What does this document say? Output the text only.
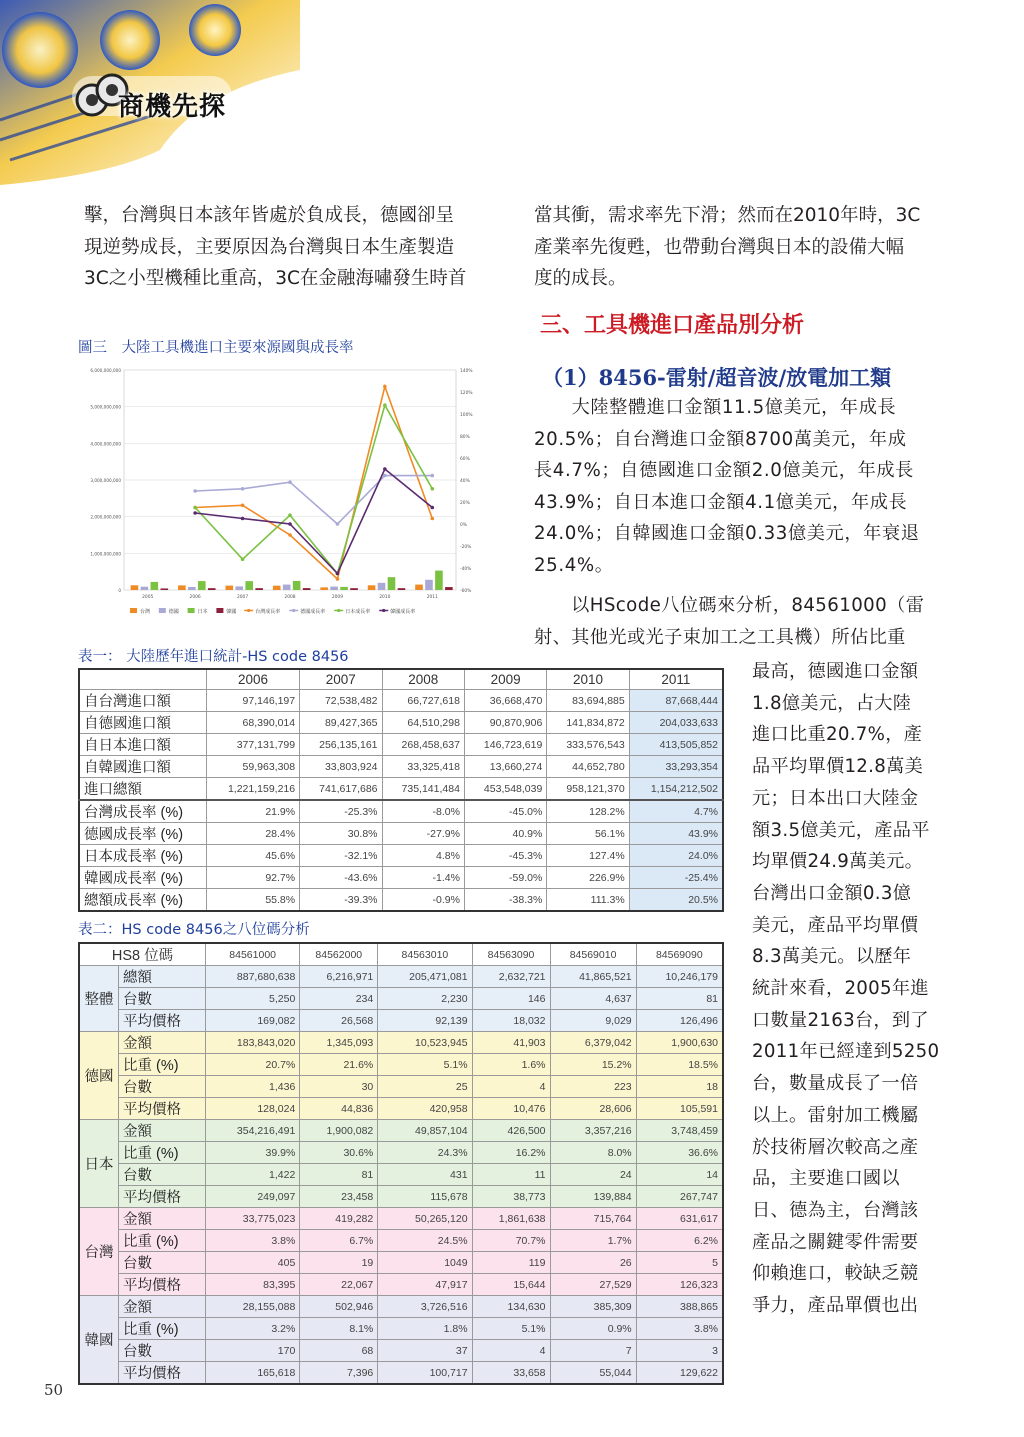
商機先探
擊，台灣與日本該年皆處於負成長，德國卻呈
現逆勢成長，主要原因為台灣與日本生產製造
3C之小型機種比重高，3C在金融海嘯發生時首
當其衝，需求率先下滑；然而在2010年時，3C
產業率先復甦，也帶動台灣與日本的設備大幅
度的成長。
三、工具機進口產品別分析
（1）8456-雷射/超音波/放電加工類
　　大陸整體進口金額11.5億美元，年成長
20.5%；自台灣進口金額8700萬美元，年成
長4.7%；自德國進口金額2.0億美元，年成長
43.9%；自日本進口金額4.1億美元，年成長
24.0%；自韓國進口金額0.33億美元，年衰退
25.4%。
　　以HScode八位碼來分析，84561000（雷
射、其他光或光子束加工之工具機）所佔比重
最高，德國進口金額
1.8億美元，占大陸
進口比重20.7%，產
品平均單價12.8萬美
元；日本出口大陸金
額3.5億美元，產品平
均單價24.9萬美元。
台灣出口金額0.3億
美元，產品平均單價
8.3萬美元。以歷年
統計來看，2005年進
口數量2163台，到了
2011年已經達到5250
台，數量成長了一倍
以上。雷射加工機屬
於技術層次較高之產
品，主要進口國以
日、德為主，台灣該
產品之關鍵零件需要
仰賴進口，較缺乏競
爭力，產品單價也出
圖三　大陸工具機進口主要來源國與成長率
6,000,000,000
5,000,000,000
4,000,000,000
3,000,000,000
2,000,000,000
1,000,000,000
0
140%
120%
100%
80%
60%
40%
20%
0%
-20%
-40%
-60%
2005	2006	2007	2008	2009	2010	2011
台灣	德國	日本	韓國	台灣成長率	德國成長率	日本成長率	韓國成長率
表一： 大陸歷年進口統計-HS code 8456
	2006	2007	2008	2009	2010	2011
自台灣進口額	97,146,197	72,538,482	66,727,618	36,668,470	83,694,885	87,668,444
自德國進口額	68,390,014	89,427,365	64,510,298	90,870,906	141,834,872	204,033,633
自日本進口額	377,131,799	256,135,161	268,458,637	146,723,619	333,576,543	413,505,852
自韓國進口額	59,963,308	33,803,924	33,325,418	13,660,274	44,652,780	33,293,354
進口總額	1,221,159,216	741,617,686	735,141,484	453,548,039	958,121,370	1,154,212,502
台灣成長率 (%)	21.9%	-25.3%	-8.0%	-45.0%	128.2%	4.7%
德國成長率 (%)	28.4%	30.8%	-27.9%	40.9%	56.1%	43.9%
日本成長率 (%)	45.6%	-32.1%	4.8%	-45.3%	127.4%	24.0%
韓國成長率 (%)	92.7%	-43.6%	-1.4%	-59.0%	226.9%	-25.4%
總額成長率 (%)	55.8%	-39.3%	-0.9%	-38.3%	111.3%	20.5%
表二：HS code 8456之八位碼分析
HS8 位碼		84561000	84562000	84563010	84563090	84569010	84569090
整體	總額	887,680,638	6,216,971	205,471,081	2,632,721	41,865,521	10,246,179
	台數	5,250	234	2,230	146	4,637	81
	平均價格	169,082	26,568	92,139	18,032	9,029	126,496
德國	金額	183,843,020	1,345,093	10,523,945	41,903	6,379,042	1,900,630
	比重 (%)	20.7%	21.6%	5.1%	1.6%	15.2%	18.5%
	台數	1,436	30	25	4	223	18
	平均價格	128,024	44,836	420,958	10,476	28,606	105,591
日本	金額	354,216,491	1,900,082	49,857,104	426,500	3,357,216	3,748,459
	比重 (%)	39.9%	30.6%	24.3%	16.2%	8.0%	36.6%
	台數	1,422	81	431	11	24	14
	平均價格	249,097	23,458	115,678	38,773	139,884	267,747
台灣	金額	33,775,023	419,282	50,265,120	1,861,638	715,764	631,617
	比重 (%)	3.8%	6.7%	24.5%	70.7%	1.7%	6.2%
	台數	405	19	1049	119	26	5
	平均價格	83,395	22,067	47,917	15,644	27,529	126,323
韓國	金額	28,155,088	502,946	3,726,516	134,630	385,309	388,865
	比重 (%)	3.2%	8.1%	1.8%	5.1%	0.9%	3.8%
	台數	170	68	37	4	7	3
	平均價格	165,618	7,396	100,717	33,658	55,044	129,622
50
